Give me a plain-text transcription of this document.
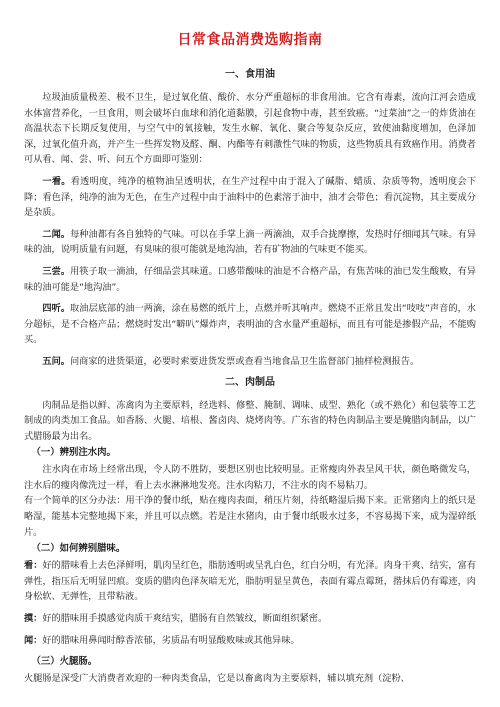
日常食品消费选购指南
一、食用油

垃圾油质量极差、极不卫生，是过氧化值、酸价、水分严重超标的非食用油。它含有毒素，流向江河会造成水体富营养化，一旦食用，则会破坏白血球和消化道黏膜，引起食物中毒，甚至致癌。“过菜油”之一的炸货油在高温状态下长期反复使用，与空气中的氧接触，发生水解、氧化、聚合等复杂反应，致使油黏度增加，色泽加深，过氧化值升高，并产生一些挥发物及醛、酮、内酯等有刺激性气味的物质，这些物质具有致癌作用。消费者可从看、闻、尝、听、问五个方面即可鉴别：

一看。看透明度，纯净的植物油呈透明状，在生产过程中由于混入了碱脂、蜡质、杂质等物，透明度会下降；看色泽，纯净的油为无色，在生产过程中由于油料中的色素溶于油中，油才会带色；看沉淀物，其主要成分是杂质。

二闻。每种油都有各自独特的气味。可以在手掌上滴一两滴油，双手合拢摩擦，发热时仔细闻其气味。有异味的油，说明质量有问题，有臭味的很可能就是地沟油，若有矿物油的气味更不能买。

三尝。用筷子取一滴油，仔细品尝其味道。口感带酸味的油是不合格产品，有焦苦味的油已发生酸败，有异味的油可能是“地沟油”。

四听。取油层底部的油一两滴，涂在易燃的纸片上，点燃并听其响声。燃烧不正常且发出“吱吱”声音的，水分超标，是不合格产品；燃烧时发出“噼叭”爆炸声，表明油的含水量严重超标，而且有可能是掺假产品，不能购买。

五问。问商家的进货渠道，必要时索要进货发票或查看当地食品卫生监督部门抽样检测报告。

二、肉制品

肉制品是指以鲜、冻禽肉为主要原料，经选料、修整、腌制、调味、成型、熟化（或不熟化）和包装等工艺制成的肉类加工食品。如香肠、火腿、培根、酱卤肉、烧烤肉等。广东省的特色肉制品主要是腌腊肉制品，以广式腊肠最为出名。

（一）辨别注水肉。

注水肉在市场上经常出现，令人防不胜防，要想区别也比较明显。正常瘦肉外表呈风干状，颜色略微发乌，注水后的瘦肉像洗过一样，看上去水淋淋地发亮。注水肉粘刀，不注水的肉不易粘刀。

有一个简单的区分办法：用干净的餐巾纸，贴在瘦肉表面，稍压片刻，待纸略湿后揭下来。正常猪肉上的纸只是略湿，能基本完整地揭下来，并且可以点燃。若是注水猪肉，由于餐巾纸吸水过多，不容易揭下来，成为湿碎纸片。

（二）如何辨别腊味。

看：好的腊味看上去色泽鲜明，肌肉呈红色，脂肪透明或呈乳白色，红白分明，有光泽。肉身干爽、结实，富有弹性，指压后无明显凹痕。变质的腊肉色泽灰暗无光，脂肪明显呈黄色，表面有霉点霉斑，揩抹后仍有霉迹，肉身松软、无弹性，且带粘液。

摸：好的腊味用手摸感觉肉质干爽结实，腊肠有自然皱纹，断面组织紧密。

闻：好的腊味用鼻闻时醇香浓郁，劣质品有明显酸败味或其他异味。

（三）火腿肠。

火腿肠是深受广大消费者欢迎的一种肉类食品，它是以畜禽肉为主要原料，辅以填充剂（淀粉、
